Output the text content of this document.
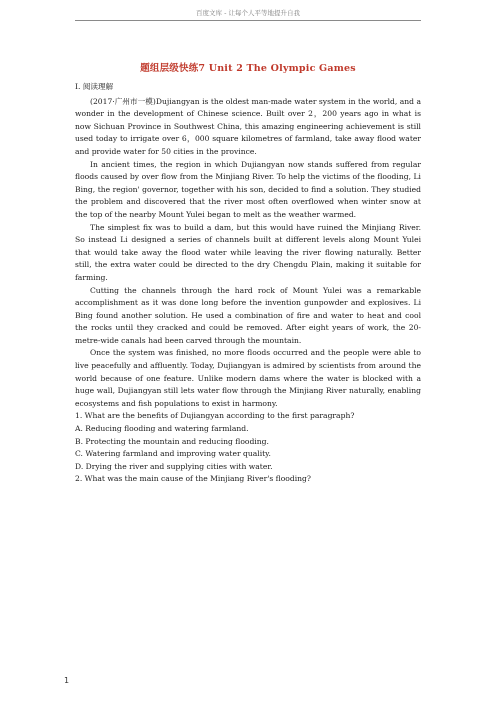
百度文库 - 让每个人平等地提升自我
题组层级快练7 Unit 2 The Olympic Games
Ⅰ. 阅读理解

(2017·广州市一模)Dujiangyan is the oldest man-made water system in the world, and a wonder in the development of Chinese science. Built over 2，200 years ago in what is now Sichuan Province in Southwest China, this amazing engineering achievement is still used today to irrigate over 6，000 square kilometres of farmland, take away flood water and provide water for 50 cities in the province.

In ancient times, the region in which Dujiangyan now stands suffered from regular floods caused by over flow from the Minjiang River. To help the victims of the flooding, Li Bing, the region' governor, together with his son, decided to find a solution. They studied the problem and discovered that the river most often overflowed when winter snow at the top of the nearby Mount Yulei began to melt as the weather warmed.

The simplest fix was to build a dam, but this would have ruined the Minjiang River. So instead Li designed a series of channels built at different levels along Mount Yulei that would take away the flood water while leaving the river flowing naturally. Better still, the extra water could be directed to the dry Chengdu Plain, making it suitable for farming.

Cutting the channels through the hard rock of Mount Yulei was a remarkable accomplishment as it was done long before the invention gunpowder and explosives. Li Bing found another solution. He used a combination of fire and water to heat and cool the rocks until they cracked and could be removed. After eight years of work, the 20-metre-wide canals had been carved through the mountain.

Once the system was finished, no more floods occurred and the people were able to live peacefully and affluently. Today, Dujiangyan is admired by scientists from around the world because of one feature. Unlike modern dams where the water is blocked with a huge wall, Dujiangyan still lets water flow through the Minjiang River naturally, enabling ecosystems and fish populations to exist in harmony.

1. What are the benefits of Dujiangyan according to the first paragraph?
A. Reducing flooding and watering farmland.
B. Protecting the mountain and reducing flooding.
C. Watering farmland and improving water quality.
D. Drying the river and supplying cities with water.
2. What was the main cause of the Minjiang River's flooding?
1
